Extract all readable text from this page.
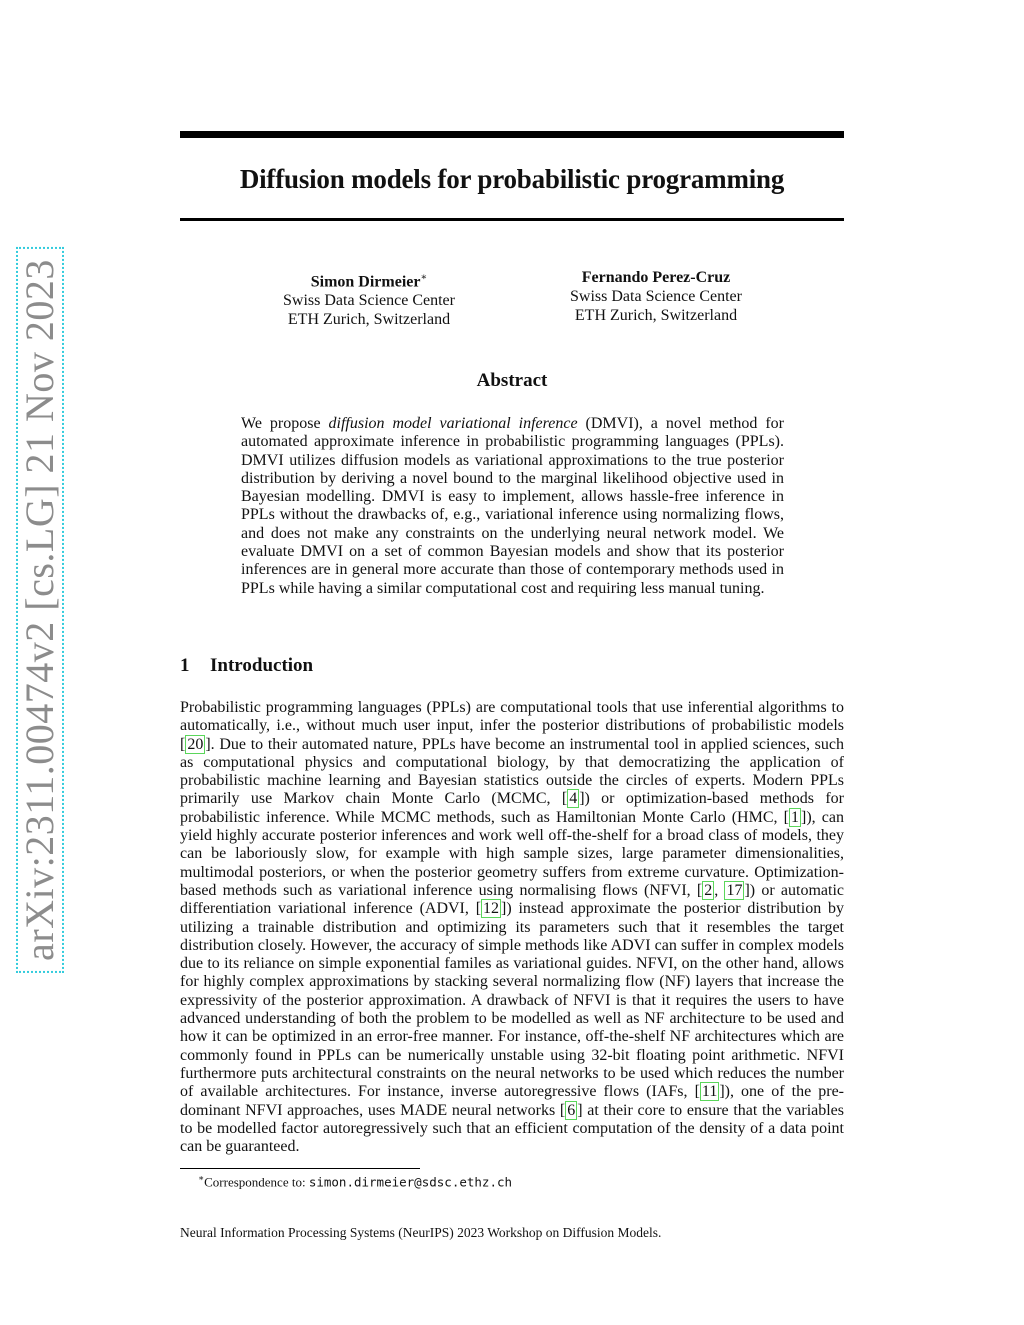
arXiv:2311.00474v2 [cs.LG] 21 Nov 2023
Diffusion models for probabilistic programming
Simon Dirmeier∗
Swiss Data Science Center
ETH Zurich, Switzerland
Fernando Perez-Cruz
Swiss Data Science Center
ETH Zurich, Switzerland
Abstract
We propose diffusion model variational inference (DMVI), a novel method for automated approximate inference in probabilistic programming languages (PPLs). DMVI utilizes diffusion models as variational approximations to the true posterior distribution by deriving a novel bound to the marginal likelihood objective used in Bayesian modelling. DMVI is easy to implement, allows hassle-free inference in PPLs without the drawbacks of, e.g., variational inference using normalizing flows, and does not make any constraints on the underlying neural network model. We evaluate DMVI on a set of common Bayesian models and show that its posterior inferences are in general more accurate than those of contemporary methods used in PPLs while having a similar computational cost and requiring less manual tuning.
1 Introduction
Probabilistic programming languages (PPLs) are computational tools that use inferential algorithms to automatically, i.e., without much user input, infer the posterior distributions of probabilistic models [ 20 ]. Due to their automated nature, PPLs have become an instrumental tool in applied sciences, such as computational physics and computational biology, by that democratizing the application of probabilistic machine learning and Bayesian statistics outside the circles of experts. Modern PPLs primarily use Markov chain Monte Carlo (MCMC, [ 4 ]) or optimization-based methods for probabilistic inference. While MCMC methods, such as Hamiltonian Monte Carlo (HMC, [ 1 ]), can yield highly accurate posterior inferences and work well off-the-shelf for a broad class of models, they can be laboriously slow, for example with high sample sizes, large parameter dimensionalities, multimodal posteriors, or when the posterior geometry suffers from extreme curvature. Optimization-based methods such as variational inference using normalising flows (NFVI, [ 2 , 17 ]) or automatic differentiation variational inference (ADVI, [ 12 ]) instead approximate the posterior distribution by utilizing a trainable distribution and optimizing its parameters such that it resembles the target distribution closely. However, the accuracy of simple methods like ADVI can suffer in complex models due to its reliance on simple exponential familes as variational guides. NFVI, on the other hand, allows for highly complex approximations by stacking several normalizing flow (NF) layers that increase the expressivity of the posterior approximation. A drawback of NFVI is that it requires the users to have advanced understanding of both the problem to be modelled as well as NF architecture to be used and how it can be optimized in an error-free manner. For instance, off-the-shelf NF architectures which are commonly found in PPLs can be numerically unstable using 32-bit floating point arithmetic. NFVI furthermore puts architectural constraints on the neural networks to be used which reduces the number of available architectures. For instance, inverse autoregressive flows (IAFs, [ 11 ]), one of the pre-dominant NFVI approaches, uses MADE neural networks [ 6 ] at their core to ensure that the variables to be modelled factor autoregressively such that an efficient computation of the density of a data point can be guaranteed.
∗Correspondence to: simon.dirmeier@sdsc.ethz.ch
Neural Information Processing Systems (NeurIPS) 2023 Workshop on Diffusion Models.
